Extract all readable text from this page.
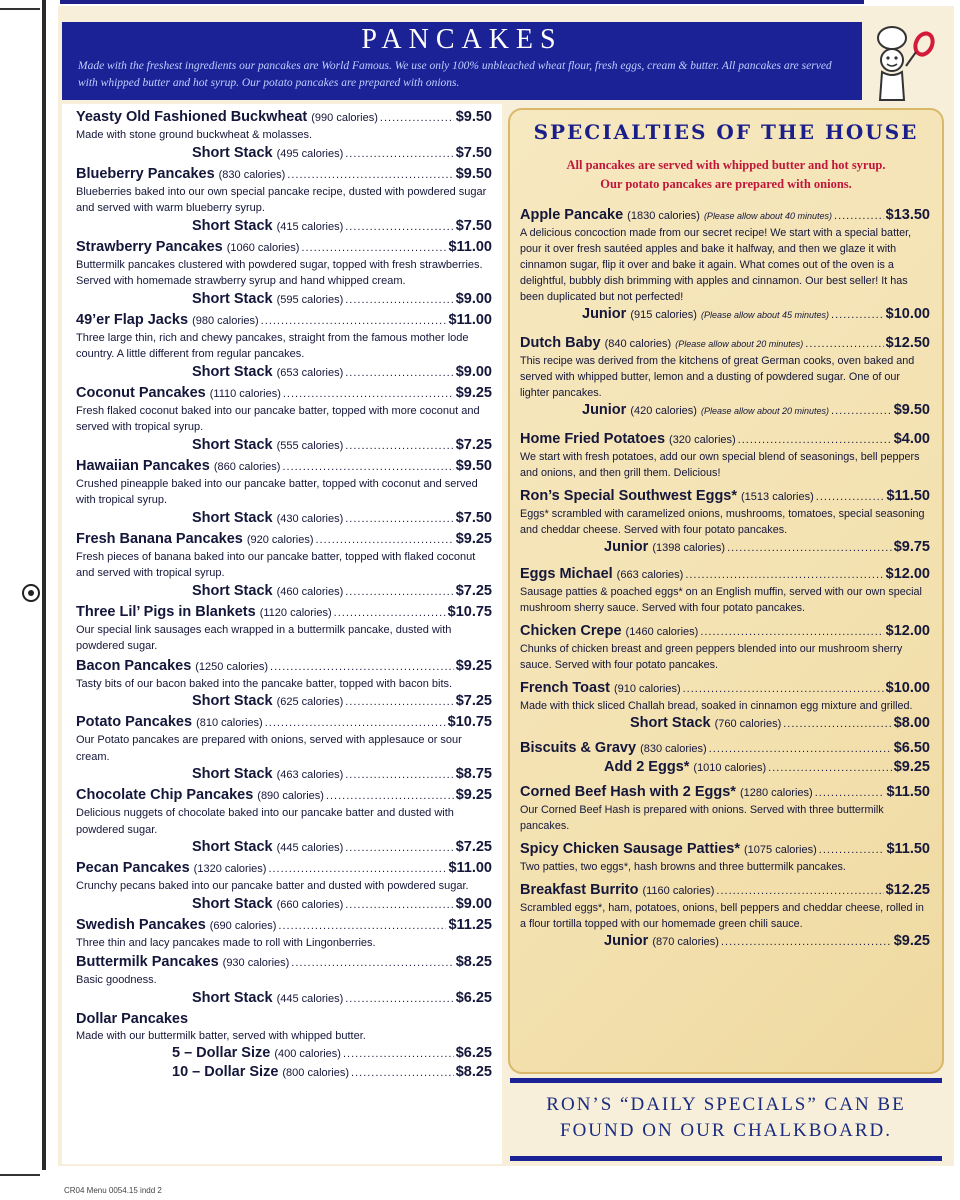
PANCAKES
Made with the freshest ingredients our pancakes are World Famous. We use only 100% unbleached wheat flour, fresh eggs, cream & butter. All pancakes are served with whipped butter and hot syrup. Our potato pancakes are prepared with onions.
Yeasty Old Fashioned Buckwheat (990 calories) .....	$9.50
Made with stone ground buckwheat & molasses.
Short Stack (495 calories) .....	$7.50
Blueberry Pancakes (830 calories) .....	$9.50
Blueberries baked into our own special pancake recipe, dusted with powdered sugar and served with warm blueberry syrup.
Short Stack (415 calories) .....	$7.50
Strawberry Pancakes (1060 calories) .....	$11.00
Buttermilk pancakes clustered with powdered sugar, topped with fresh strawberries. Served with homemade strawberry syrup and hand whipped cream.
Short Stack (595 calories) .....	$9.00
49’er Flap Jacks (980 calories) .....	$11.00
Three large thin, rich and chewy pancakes, straight from the famous mother lode country. A little different from regular pancakes.
Short Stack (653 calories) .....	$9.00
Coconut Pancakes (1110 calories) .....	$9.25
Fresh flaked coconut baked into our pancake batter, topped with more coconut and served with tropical syrup.
Short Stack (555 calories) .....	$7.25
Hawaiian Pancakes (860 calories) .....	$9.50
Crushed pineapple baked into our pancake batter, topped with coconut and served with tropical syrup.
Short Stack (430 calories) .....	$7.50
Fresh Banana Pancakes (920 calories) .....	$9.25
Fresh pieces of banana baked into our pancake batter, topped with flaked coconut and served with tropical syrup.
Short Stack (460 calories) .....	$7.25
Three Lil’ Pigs in Blankets (1120 calories) .....	$10.75
Our special link sausages each wrapped in a buttermilk pancake, dusted with powdered sugar.
Bacon Pancakes (1250 calories) .....	$9.25
Tasty bits of our bacon baked into the pancake batter, topped with bacon bits.
Short Stack (625 calories) .....	$7.25
Potato Pancakes (810 calories) .....	$10.75
Our Potato pancakes are prepared with onions, served with applesauce or sour cream.
Short Stack (463 calories) .....	$8.75
Chocolate Chip Pancakes (890 calories) .....	$9.25
Delicious nuggets of chocolate baked into our pancake batter and dusted with powdered sugar.
Short Stack (445 calories) .....	$7.25
Pecan Pancakes (1320 calories) .....	$11.00
Crunchy pecans baked into our pancake batter and dusted with powdered sugar.
Short Stack (660 calories) .....	$9.00
Swedish Pancakes (690 calories) .....	$11.25
Three thin and lacy pancakes made to roll with Lingonberries.
Buttermilk Pancakes (930 calories) .....	$8.25
Basic goodness.
Short Stack (445 calories) .....	$6.25
Dollar Pancakes
Made with our buttermilk batter, served with whipped butter.
5 – Dollar Size (400 calories) .....	$6.25
10 – Dollar Size (800 calories) .....	$8.25
SPECIALTIES OF THE HOUSE
All pancakes are served with whipped butter and hot syrup.
Our potato pancakes are prepared with onions.
Apple Pancake (1830 calories) (Please allow about 40 minutes) .....	$13.50
A delicious concoction made from our secret recipe! We start with a special batter, pour it over fresh sautéed apples and bake it halfway, and then we glaze it with cinnamon sugar, flip it over and bake it again. What comes out of the oven is a delightful, bubbly dish brimming with apples and cinnamon. Our best seller! It has been duplicated but not perfected!
Junior (915 calories) (Please allow about 45 minutes) .....	$10.00
Dutch Baby (840 calories) (Please allow about 20 minutes) .....	$12.50
This recipe was derived from the kitchens of great German cooks, oven baked and served with whipped butter, lemon and a dusting of powdered sugar. One of our lighter pancakes.
Junior (420 calories) (Please allow about 20 minutes) .....	$9.50
Home Fried Potatoes (320 calories) .....	$4.00
We start with fresh potatoes, add our own special blend of seasonings, bell peppers and onions, and then grill them. Delicious!
Ron’s Special Southwest Eggs* (1513 calories) .....	$11.50
Eggs* scrambled with caramelized onions, mushrooms, tomatoes, special seasoning and cheddar cheese. Served with four potato pancakes.
Junior (1398 calories) .....	$9.75
Eggs Michael (663 calories) .....	$12.00
Sausage patties & poached eggs* on an English muffin, served with our own special mushroom sherry sauce. Served with four potato pancakes.
Chicken Crepe (1460 calories) .....	$12.00
Chunks of chicken breast and green peppers blended into our mushroom sherry sauce. Served with four potato pancakes.
French Toast (910 calories) .....	$10.00
Made with thick sliced Challah bread, soaked in cinnamon egg mixture and grilled.
Short Stack (760 calories) .....	$8.00
Biscuits & Gravy (830 calories) .....	$6.50
Add 2 Eggs* (1010 calories) .....	$9.25
Corned Beef Hash with 2 Eggs* (1280 calories) .....	$11.50
Our Corned Beef Hash is prepared with onions. Served with three buttermilk pancakes.
Spicy Chicken Sausage Patties* (1075 calories) .....	$11.50
Two patties, two eggs*, hash browns and three buttermilk pancakes.
Breakfast Burrito (1160 calories) .....	$12.25
Scrambled eggs*, ham, potatoes, onions, bell peppers and cheddar cheese, rolled in a flour tortilla topped with our homemade green chili sauce.
Junior (870 calories) .....	$9.25
RON’S “DAILY SPECIALS” CAN BE
FOUND ON OUR CHALKBOARD.
CR04 Menu 0054.15 indd 2
